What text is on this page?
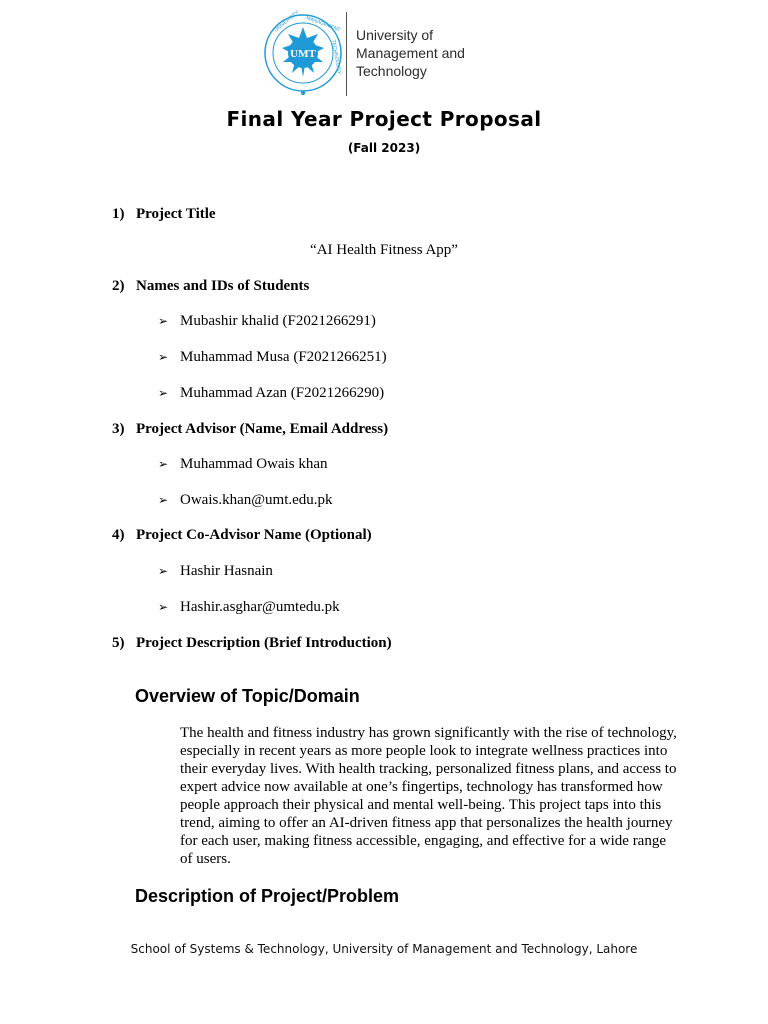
UMT
UNIVERSITY MANAGEMENT
TECHNOLOGY
University of
Management and
Technology
Final Year Project Proposal
(Fall 2023)
1) Project Title
“AI Health Fitness App”
2) Names and IDs of Students
➢ Mubashir khalid (F2021266291)
➢ Muhammad Musa (F2021266251)
➢ Muhammad Azan (F2021266290)
3) Project Advisor (Name, Email Address)
➢ Muhammad Owais khan
➢ Owais.khan@umt.edu.pk
4) Project Co-Advisor Name (Optional)
➢ Hashir Hasnain
➢ Hashir.asghar@umtedu.pk
5) Project Description (Brief Introduction)
Overview of Topic/Domain
The health and fitness industry has grown significantly with the rise of technology, especially in recent years as more people look to integrate wellness practices into their everyday lives. With health tracking, personalized fitness plans, and access to expert advice now available at one’s fingertips, technology has transformed how people approach their physical and mental well-being. This project taps into this trend, aiming to offer an AI-driven fitness app that personalizes the health journey for each user, making fitness accessible, engaging, and effective for a wide range of users.
Description of Project/Problem
School of Systems & Technology, University of Management and Technology, Lahore
